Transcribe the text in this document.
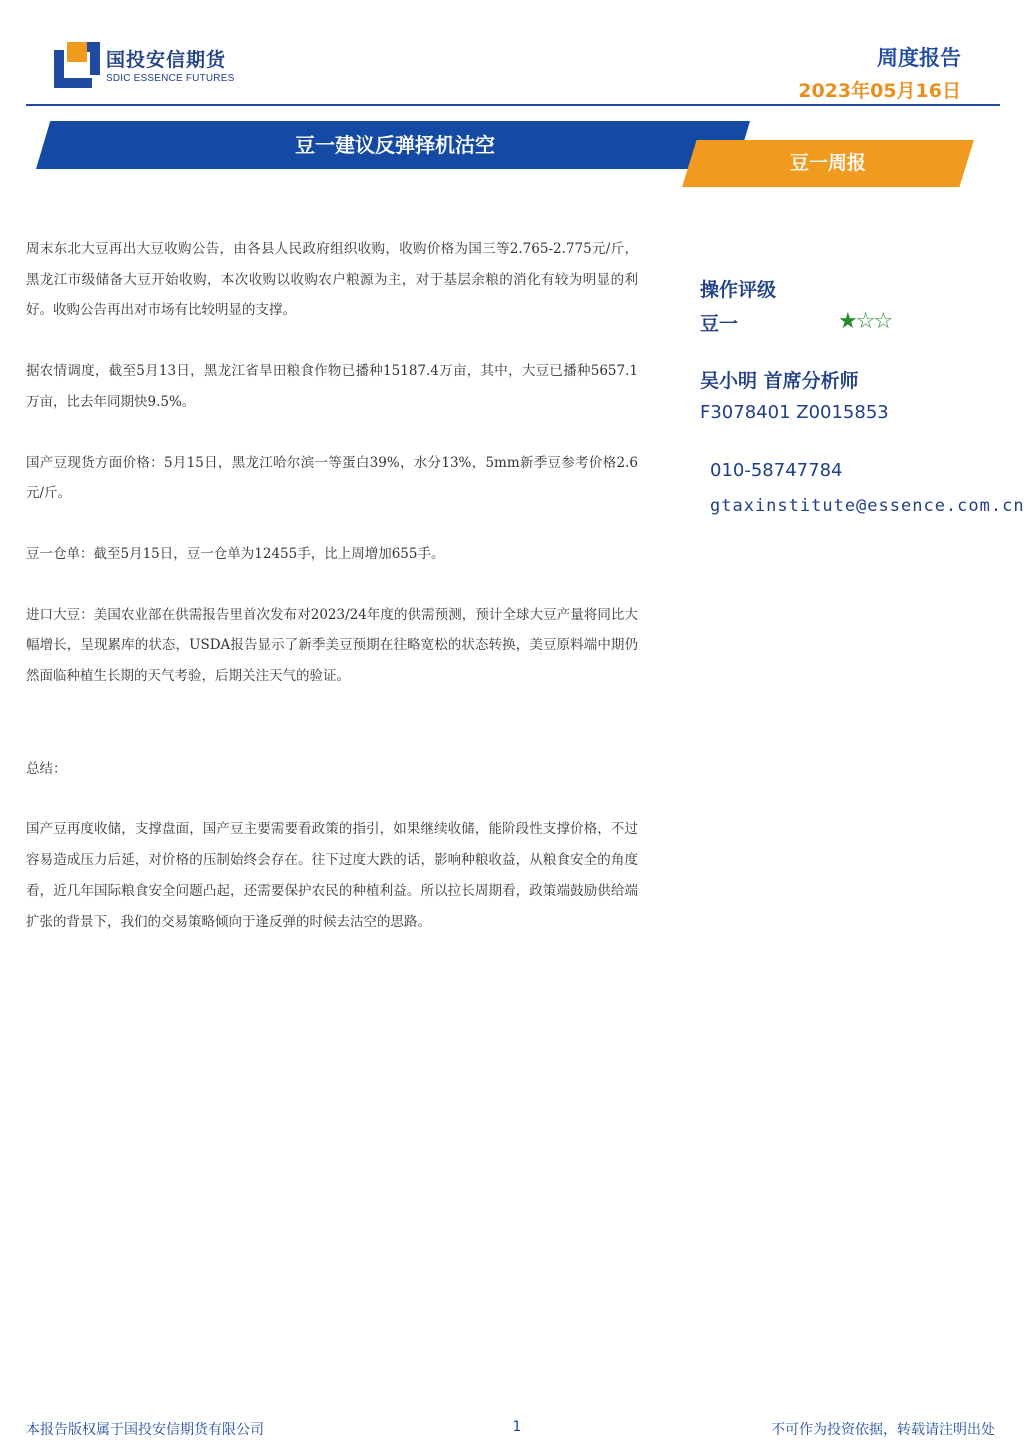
国投安信期货
SDIC ESSENCE FUTURES
周度报告
2023年05月16日
豆一建议反弹择机沽空
豆一周报

周末东北大豆再出大豆收购公告，由各县人民政府组织收购，收购价格为国三等2.765-2.775元/斤，黑龙江市级储备大豆开始收购，本次收购以收购农户粮源为主，对于基层余粮的消化有较为明显的利好。收购公告再出对市场有比较明显的支撑。

据农情调度，截至5月13日，黑龙江省旱田粮食作物已播种15187.4万亩，其中，大豆已播种5657.1万亩，比去年同期快9.5%。

国产豆现货方面价格：5月15日，黑龙江哈尔滨一等蛋白39%，水分13%，5mm新季豆参考价格2.6元/斤。

豆一仓单：截至5月15日，豆一仓单为12455手，比上周增加655手。

进口大豆：美国农业部在供需报告里首次发布对2023/24年度的供需预测，预计全球大豆产量将同比大幅增长，呈现累库的状态，USDA报告显示了新季美豆预期在往略宽松的状态转换，美豆原料端中期仍然面临种植生长期的天气考验，后期关注天气的验证。

总结：

国产豆再度收储，支撑盘面，国产豆主要需要看政策的指引，如果继续收储，能阶段性支撑价格，不过容易造成压力后延，对价格的压制始终会存在。往下过度大跌的话，影响种粮收益，从粮食安全的角度看，近几年国际粮食安全问题凸起，还需要保护农民的种植利益。所以拉长周期看，政策端鼓励供给端扩张的背景下，我们的交易策略倾向于逢反弹的时候去沽空的思路。

操作评级
豆一	★☆☆
吴小明 首席分析师
F3078401 Z0015853
010-58747784
gtaxinstitute@essence.com.cn
本报告版权属于国投安信期货有限公司	1	不可作为投资依据，转载请注明出处
